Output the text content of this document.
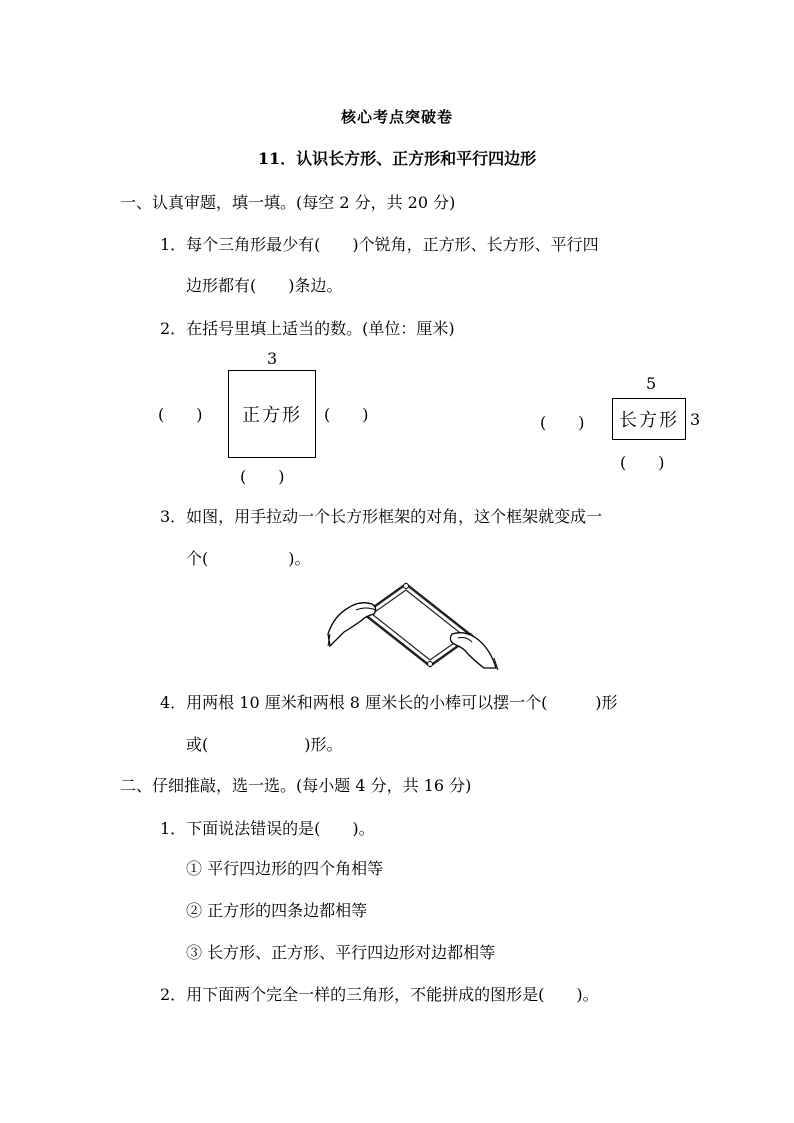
核心考点突破卷
11．认识长方形、正方形和平行四边形
一、认真审题，填一填。(每空 2 分，共 20 分)
1．每个三角形最少有(　　)个锐角，正方形、长方形、平行四
边形都有(　　)条边。
2．在括号里填上适当的数。(单位：厘米)
3
(　　) 正方形 (　　)
(　　)
5
(　　) 长方形 3
(　　)
3．如图，用手拉动一个长方形框架的对角，这个框架就变成一
个(　　　　　)。
4．用两根 10 厘米和两根 8 厘米长的小棒可以摆一个(　　　)形
或(　　　　　　)形。
二、仔细推敲，选一选。(每小题 4 分，共 16 分)
1．下面说法错误的是(　　)。
① 平行四边形的四个角相等
② 正方形的四条边都相等
③ 长方形、正方形、平行四边形对边都相等
2．用下面两个完全一样的三角形，不能拼成的图形是(　　)。
